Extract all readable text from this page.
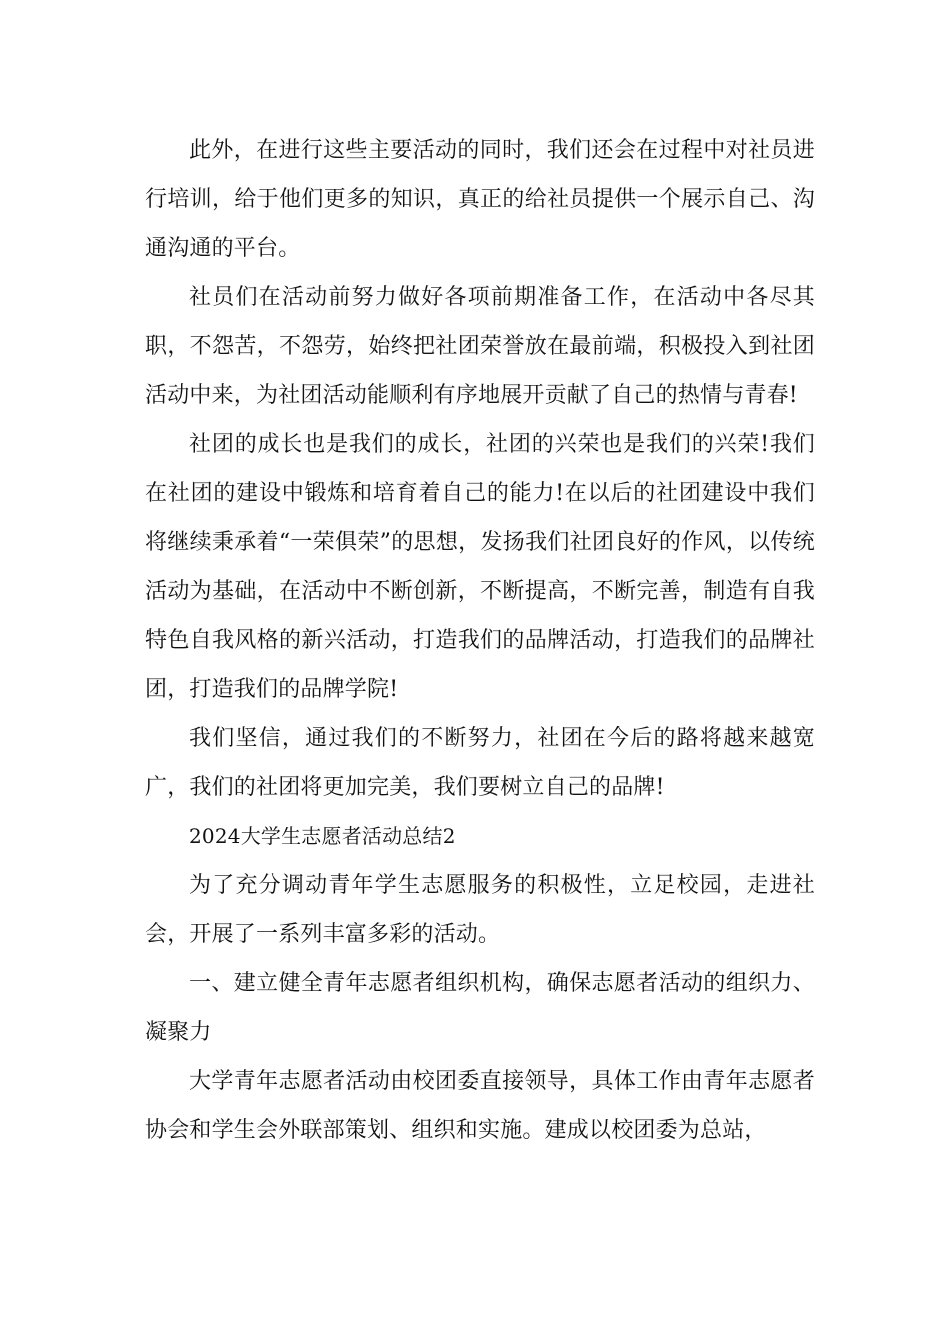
此外，在进行这些主要活动的同时，我们还会在过程中对社员进行培训，给于他们更多的知识，真正的给社员提供一个展示自己、沟通沟通的平台。

社员们在活动前努力做好各项前期准备工作，在活动中各尽其职，不怨苦，不怨劳，始终把社团荣誉放在最前端，积极投入到社团活动中来，为社团活动能顺利有序地展开贡献了自己的热情与青春!

社团的成长也是我们的成长，社团的兴荣也是我们的兴荣!我们在社团的建设中锻炼和培育着自己的能力!在以后的社团建设中我们将继续秉承着“一荣俱荣”的思想，发扬我们社团良好的作风，以传统活动为基础，在活动中不断创新，不断提高，不断完善，制造有自我特色自我风格的新兴活动，打造我们的品牌活动，打造我们的品牌社团，打造我们的品牌学院!

我们坚信，通过我们的不断努力，社团在今后的路将越来越宽广，我们的社团将更加完美，我们要树立自己的品牌!

2024大学生志愿者活动总结2

为了充分调动青年学生志愿服务的积极性，立足校园，走进社会，开展了一系列丰富多彩的活动。

一、建立健全青年志愿者组织机构，确保志愿者活动的组织力、凝聚力

大学青年志愿者活动由校团委直接领导，具体工作由青年志愿者协会和学生会外联部策划、组织和实施。建成以校团委为总站，
